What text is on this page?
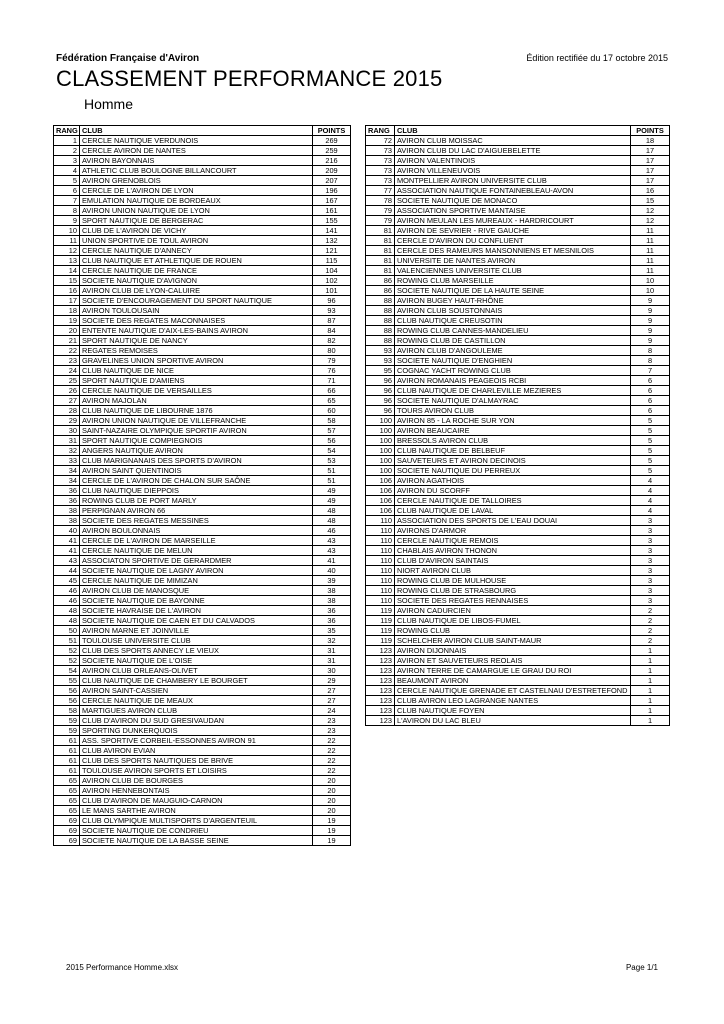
Fédération Française d'Aviron	Édition rectifiée du 17 octobre 2015
CLASSEMENT PERFORMANCE 2015
Homme
RANG	CLUB	POINTS
1	CERCLE NAUTIQUE VERDUNOIS	269
2	CERCLE AVIRON DE NANTES	259
3	AVIRON BAYONNAIS	216
4	ATHLETIC CLUB BOULOGNE BILLANCOURT	209
5	AVIRON GRENOBLOIS	207
6	CERCLE DE L'AVIRON DE LYON	196
7	EMULATION NAUTIQUE DE BORDEAUX	167
8	AVIRON UNION NAUTIQUE DE LYON	161
9	SPORT NAUTIQUE DE BERGERAC	155
10	CLUB DE L'AVIRON DE VICHY	141
11	UNION SPORTIVE DE TOUL AVIRON	132
12	CERCLE NAUTIQUE D'ANNECY	121
13	CLUB NAUTIQUE ET ATHLETIQUE DE ROUEN	115
14	CERCLE NAUTIQUE DE FRANCE	104
15	SOCIETE NAUTIQUE D'AVIGNON	102
16	AVIRON CLUB DE LYON-CALUIRE	101
17	SOCIETE D'ENCOURAGEMENT DU SPORT NAUTIQUE	96
18	AVIRON TOULOUSAIN	93
19	SOCIETE DES REGATES MACONNAISES	87
20	ENTENTE NAUTIQUE D'AIX-LES-BAINS AVIRON	84
21	SPORT NAUTIQUE DE NANCY	82
22	REGATES REMOISES	80
23	GRAVELINES UNION SPORTIVE AVIRON	79
24	CLUB NAUTIQUE DE NICE	76
25	SPORT NAUTIQUE D'AMIENS	71
26	CERCLE NAUTIQUE DE VERSAILLES	66
27	AVIRON MAJOLAN	65
28	CLUB NAUTIQUE DE LIBOURNE 1876	60
29	AVIRON UNION NAUTIQUE DE VILLEFRANCHE	58
30	SAINT-NAZAIRE OLYMPIQUE SPORTIF AVIRON	57
31	SPORT NAUTIQUE COMPIEGNOIS	56
32	ANGERS NAUTIQUE AVIRON	54
33	CLUB MARIGNANAIS DES SPORTS D'AVIRON	53
34	AVIRON SAINT QUENTINOIS	51
34	CERCLE DE L'AVIRON DE CHALON SUR SAÔNE	51
36	CLUB NAUTIQUE DIEPPOIS	49
36	ROWING CLUB DE PORT MARLY	49
38	PERPIGNAN AVIRON 66	48
38	SOCIETE DES REGATES MESSINES	48
40	AVIRON BOULONNAIS	46
41	CERCLE DE L'AVIRON DE MARSEILLE	43
41	CERCLE NAUTIQUE DE MELUN	43
43	ASSOCIATON SPORTIVE DE GERARDMER	41
44	SOCIETE NAUTIQUE DE LAGNY AVIRON	40
45	CERCLE NAUTIQUE DE MIMIZAN	39
46	AVIRON CLUB DE MANOSQUE	38
46	SOCIETE NAUTIQUE DE BAYONNE	38
48	SOCIETE HAVRAISE DE L'AVIRON	36
48	SOCIETE NAUTIQUE DE CAEN ET DU CALVADOS	36
50	AVIRON MARNE ET JOINVILLE	35
51	TOULOUSE UNIVERSITE CLUB	32
52	CLUB DES SPORTS ANNECY LE VIEUX	31
52	SOCIETE NAUTIQUE DE L'OISE	31
54	AVIRON CLUB ORLEANS-OLIVET	30
55	CLUB NAUTIQUE DE CHAMBERY LE BOURGET	29
56	AVIRON SAINT-CASSIEN	27
56	CERCLE NAUTIQUE DE MEAUX	27
58	MARTIGUES AVIRON CLUB	24
59	CLUB D'AVIRON DU SUD GRESIVAUDAN	23
59	SPORTING DUNKERQUOIS	23
61	ASS. SPORTIVE CORBEIL-ESSONNES AVIRON 91	22
61	CLUB AVIRON EVIAN	22
61	CLUB DES SPORTS NAUTIQUES DE BRIVE	22
61	TOULOUSE AVIRON SPORTS ET LOISIRS	22
65	AVIRON CLUB DE BOURGES	20
65	AVIRON HENNEBONTAIS	20
65	CLUB D'AVIRON DE MAUGUIO-CARNON	20
65	LE MANS SARTHE AVIRON	20
69	CLUB OLYMPIQUE MULTISPORTS D'ARGENTEUIL	19
69	SOCIETE NAUTIQUE DE CONDRIEU	19
69	SOCIETE NAUTIQUE DE LA BASSE SEINE	19
RANG	CLUB	POINTS
72	AVIRON CLUB MOISSAC	18
73	AVIRON CLUB DU LAC D'AIGUEBELETTE	17
73	AVIRON VALENTINOIS	17
73	AVIRON VILLENEUVOIS	17
73	MONTPELLIER AVIRON UNIVERSITE CLUB	17
77	ASSOCIATION NAUTIQUE FONTAINEBLEAU-AVON	16
78	SOCIETE NAUTIQUE DE MONACO	15
79	ASSOCIATION SPORTIVE MANTAISE	12
79	AVIRON MEULAN LES MUREAUX - HARDRICOURT	12
81	AVIRON DE SEVRIER - RIVE GAUCHE	11
81	CERCLE D'AVIRON DU CONFLUENT	11
81	CERCLE DES RAMEURS MANSONNIENS ET MESNILOIS	11
81	UNIVERSITE DE NANTES AVIRON	11
81	VALENCIENNES UNIVERSITE CLUB	11
86	ROWING CLUB MARSEILLE	10
86	SOCIETE NAUTIQUE DE LA HAUTE SEINE	10
88	AVIRON BUGEY HAUT-RHÔNE	9
88	AVIRON CLUB SOUSTONNAIS	9
88	CLUB NAUTIQUE CREUSOTIN	9
88	ROWING CLUB CANNES-MANDELIEU	9
88	ROWING CLUB DE CASTILLON	9
93	AVIRON CLUB D'ANGOULEME	8
93	SOCIETE NAUTIQUE D'ENGHIEN	8
95	COGNAC YACHT ROWING CLUB	7
96	AVIRON ROMANAIS PEAGEOIS RCBI	6
96	CLUB NAUTIQUE DE CHARLEVILLE MEZIERES	6
96	SOCIETE NAUTIQUE D'ALMAYRAC	6
96	TOURS AVIRON CLUB	6
100	AVIRON 85 - LA ROCHE SUR YON	5
100	AVIRON BEAUCAIRE	5
100	BRESSOLS AVIRON CLUB	5
100	CLUB NAUTIQUE DE BELBEUF	5
100	SAUVETEURS ET AVIRON DECINOIS	5
100	SOCIETE NAUTIQUE DU PERREUX	5
106	AVIRON AGATHOIS	4
106	AVIRON DU SCORFF	4
106	CERCLE NAUTIQUE DE TALLOIRES	4
106	CLUB NAUTIQUE DE LAVAL	4
110	ASSOCIATION DES SPORTS DE L'EAU DOUAI	3
110	AVIRONS D'ARMOR	3
110	CERCLE NAUTIQUE REMOIS	3
110	CHABLAIS AVIRON THONON	3
110	CLUB D'AVIRON SAINTAIS	3
110	NIORT AVIRON CLUB	3
110	ROWING CLUB DE MULHOUSE	3
110	ROWING CLUB DE STRASBOURG	3
110	SOCIETE DES REGATES RENNAISES	3
119	AVIRON CADURCIEN	2
119	CLUB NAUTIQUE DE LIBOS-FUMEL	2
119	ROWING CLUB	2
119	SCHELCHER AVIRON CLUB SAINT-MAUR	2
123	AVIRON DIJONNAIS	1
123	AVIRON ET SAUVETEURS REOLAIS	1
123	AVIRON TERRE DE CAMARGUE LE GRAU DU ROI	1
123	BEAUMONT AVIRON	1
123	CERCLE NAUTIQUE GRENADE ET CASTELNAU D'ESTRETEFOND	1
123	CLUB AVIRON LEO LAGRANGE NANTES	1
123	CLUB NAUTIQUE FOYEN	1
123	L'AVIRON DU LAC BLEU	1
2015 Performance Homme.xlsx	Page 1/1
